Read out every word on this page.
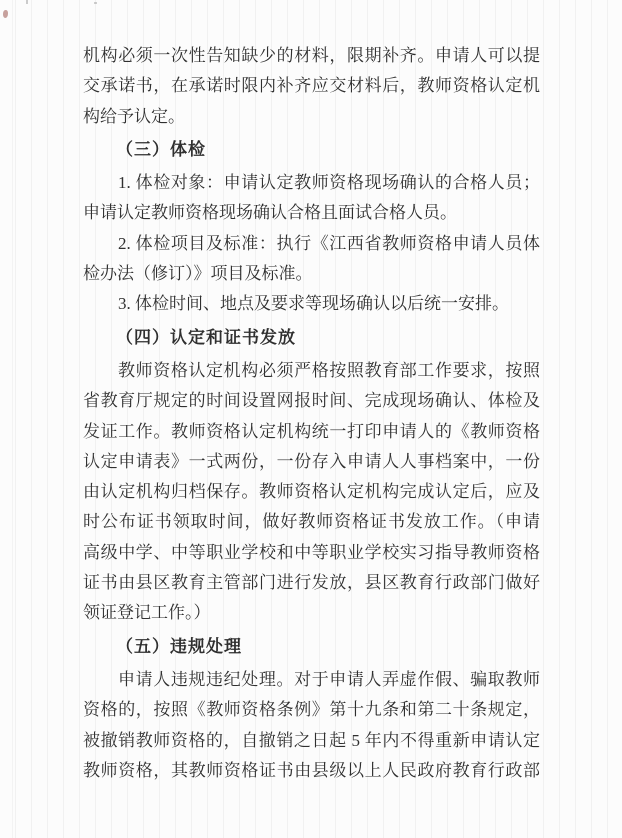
机构必须一次性告知缺少的材料，限期补齐。申请人可以提
交承诺书，在承诺时限内补齐应交材料后，教师资格认定机
构给予认定。
（三）体检
1. 体检对象：申请认定教师资格现场确认的合格人员；
申请认定教师资格现场确认合格且面试合格人员。
2. 体检项目及标准：执行《江西省教师资格申请人员体
检办法（修订）》项目及标准。
3. 体检时间、地点及要求等现场确认以后统一安排。
（四）认定和证书发放
教师资格认定机构必须严格按照教育部工作要求，按照
省教育厅规定的时间设置网报时间、完成现场确认、体检及
发证工作。教师资格认定机构统一打印申请人的《教师资格
认定申请表》一式两份，一份存入申请人人事档案中，一份
由认定机构归档保存。教师资格认定机构完成认定后，应及
时公布证书领取时间，做好教师资格证书发放工作。（申请
高级中学、中等职业学校和中等职业学校实习指导教师资格
证书由县区教育主管部门进行发放，县区教育行政部门做好
领证登记工作。）
（五）违规处理
申请人违规违纪处理。对于申请人弄虚作假、骗取教师
资格的，按照《教师资格条例》第十九条和第二十条规定，
被撤销教师资格的，自撤销之日起 5 年内不得重新申请认定
教师资格，其教师资格证书由县级以上人民政府教育行政部
